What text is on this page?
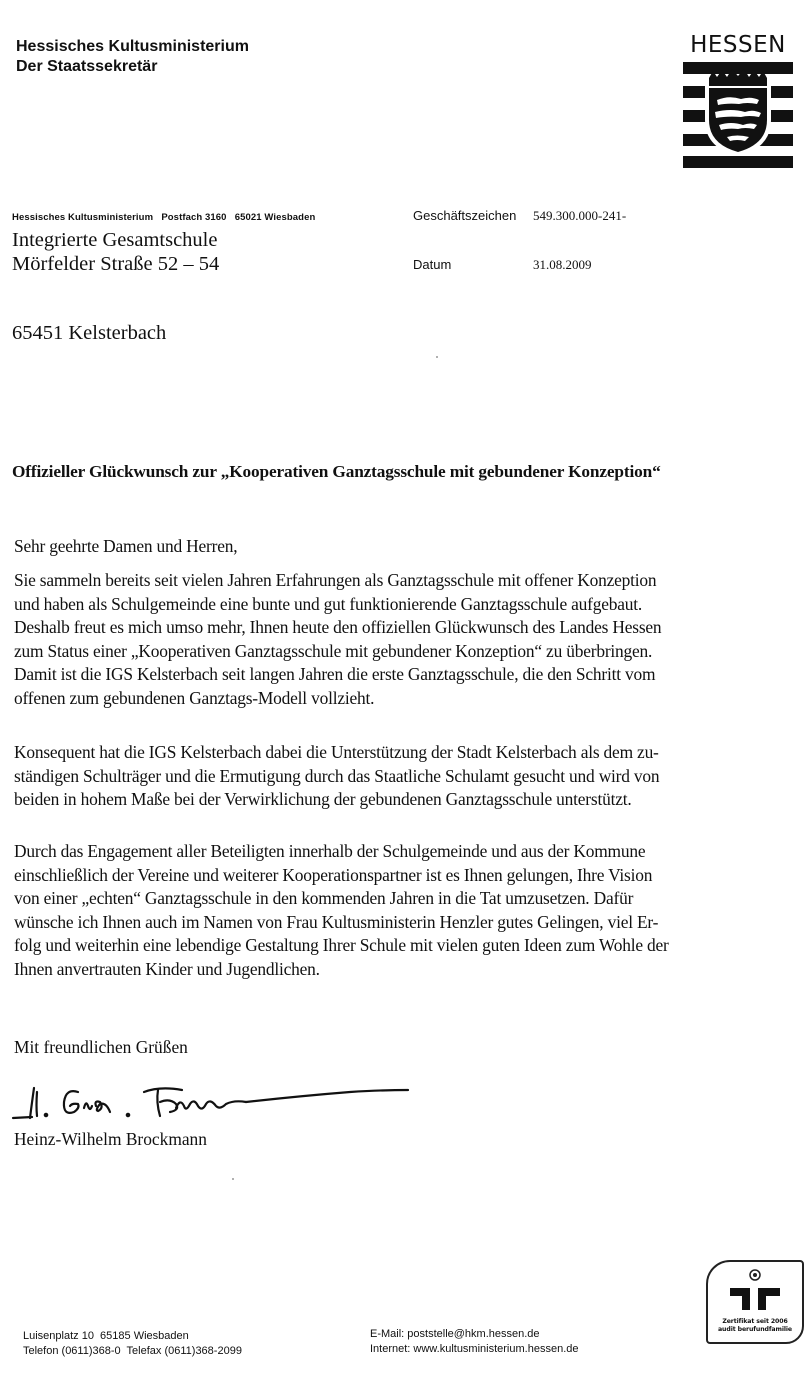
Hessisches Kultusministerium
Der Staatssekretär
HESSEN
Hessisches Kultusministerium   Postfach 3160   65021 Wiesbaden
Integrierte Gesamtschule
Mörfelder Straße 52 – 54
65451 Kelsterbach
Geschäftszeichen 549.300.000-241-
Datum	31.08.2009
Offizieller Glückwunsch zur „Kooperativen Ganztagsschule mit gebundener Konzeption“
Sehr geehrte Damen und Herren,
Sie sammeln bereits seit vielen Jahren Erfahrungen als Ganztagsschule mit offener Konzeption
und haben als Schulgemeinde eine bunte und gut funktionierende Ganztagsschule aufgebaut.
Deshalb freut es mich umso mehr, Ihnen heute den offiziellen Glückwunsch des Landes Hessen
zum Status einer „Kooperativen Ganztagsschule mit gebundener Konzeption“ zu überbringen.
Damit ist die IGS Kelsterbach seit langen Jahren die erste Ganztagsschule, die den Schritt vom
offenen zum gebundenen Ganztags-Modell vollzieht.
Konsequent hat die IGS Kelsterbach dabei die Unterstützung der Stadt Kelsterbach als dem zu-
ständigen Schulträger und die Ermutigung durch das Staatliche Schulamt gesucht und wird von
beiden in hohem Maße bei der Verwirklichung der gebundenen Ganztagsschule unterstützt.
Durch das Engagement aller Beteiligten innerhalb der Schulgemeinde und aus der Kommune
einschließlich der Vereine und weiterer Kooperationspartner ist es Ihnen gelungen, Ihre Vision
von einer „echten“ Ganztagsschule in den kommenden Jahren in die Tat umzusetzen. Dafür
wünsche ich Ihnen auch im Namen von Frau Kultusministerin Henzler gutes Gelingen, viel Er-
folg und weiterhin eine lebendige Gestaltung Ihrer Schule mit vielen guten Ideen zum Wohle der
Ihnen anvertrauten Kinder und Jugendlichen.
Mit freundlichen Grüßen
Heinz-Wilhelm Brockmann
Luisenplatz 10  65185 Wiesbaden
Telefon (0611)368-0  Telefax (0611)368-2099
E-Mail: poststelle@hkm.hessen.de
Internet: www.kultusministerium.hessen.de
Zertifikat seit 2006
audit berufundfamilie
